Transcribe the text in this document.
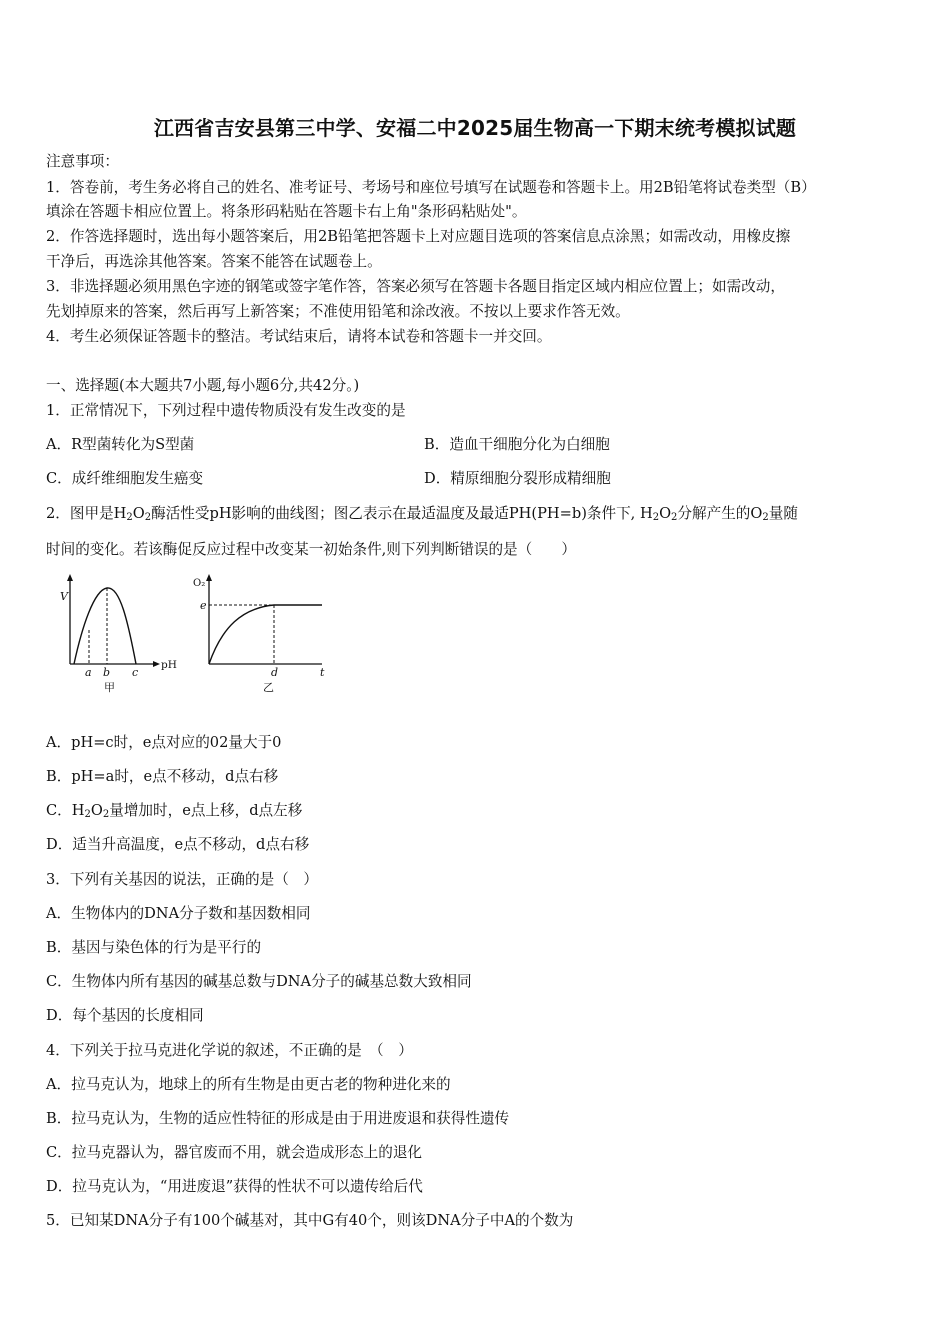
江西省吉安县第三中学、安福二中2025届生物高一下期末统考模拟试题
注意事项：
1．答卷前，考生务必将自己的姓名、准考证号、考场号和座位号填写在试题卷和答题卡上。用2B铅笔将试卷类型（B）
填涂在答题卡相应位置上。将条形码粘贴在答题卡右上角"条形码粘贴处"。
2．作答选择题时，选出每小题答案后，用2B铅笔把答题卡上对应题目选项的答案信息点涂黑；如需改动，用橡皮擦
干净后，再选涂其他答案。答案不能答在试题卷上。
3．非选择题必须用黑色字迹的钢笔或签字笔作答，答案必须写在答题卡各题目指定区域内相应位置上；如需改动，
先划掉原来的答案，然后再写上新答案；不准使用铅笔和涂改液。不按以上要求作答无效。
4．考生必须保证答题卡的整洁。考试结束后，请将本试卷和答题卡一并交回。
一、选择题(本大题共7小题,每小题6分,共42分。)
1．正常情况下，下列过程中遗传物质没有发生改变的是
A．R型菌转化为S型菌	B．造血干细胞分化为白细胞
C．成纤维细胞发生癌变	D．精原细胞分裂形成精细胞
2．图甲是$H_2O_2$酶活性受pH影响的曲线图；图乙表示在最适温度及最适PH(PH=b)条件下, $H_2O_2$分解产生的$O_2$量随
时间的变化。若该酶促反应过程中改变某一初始条件,则下列判断错误的是（　　）
V
pH
a b c
甲
O₂
e
d	t
乙
A．pH=c时，e点对应的02量大于0
B．pH=a时，e点不移动，d点右移
C．$H_2O_2$量增加时，e点上移，d点左移
D．适当升高温度，e点不移动，d点右移
3．下列有关基因的说法，正确的是（　）
A．生物体内的DNA分子数和基因数相同
B．基因与染色体的行为是平行的
C．生物体内所有基因的碱基总数与DNA分子的碱基总数大致相同
D．每个基因的长度相同
4．下列关于拉马克进化学说的叙述，不正确的是　（　）
A．拉马克认为，地球上的所有生物是由更古老的物种进化来的
B．拉马克认为，生物的适应性特征的形成是由于用进废退和获得性遗传
C．拉马克器认为，器官废而不用，就会造成形态上的退化
D．拉马克认为，“用进废退”获得的性状不可以遗传给后代
5．已知某DNA分子有100个碱基对，其中G有40个，则该DNA分子中A的个数为
